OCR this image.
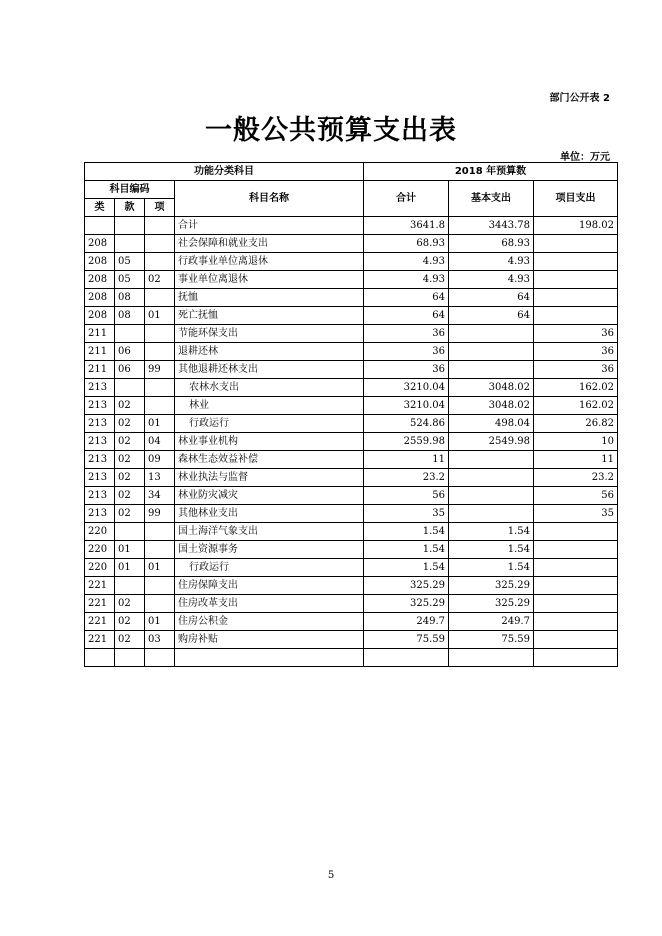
部门公开表 2
一般公共预算支出表
单位：万元
功能分类科目				2018 年预算数		
科目编码			科目名称	合计	基本支出	项目支出
类	款	项				
			合计	3641.8	3443.78	198.02
208			社会保障和就业支出	68.93	68.93	
208	05		行政事业单位离退休	4.93	4.93	
208	05	02	事业单位离退休	4.93	4.93	
208	08		抚恤	64	64	
208	08	01	死亡抚恤	64	64	
211			节能环保支出	36		36
211	06		退耕还林	36		36
211	06	99	其他退耕还林支出	36		36
213			农林水支出	3210.04	3048.02	162.02
213	02		林业	3210.04	3048.02	162.02
213	02	01	行政运行	524.86	498.04	26.82
213	02	04	林业事业机构	2559.98	2549.98	10
213	02	09	森林生态效益补偿	11		11
213	02	13	林业执法与监督	23.2		23.2
213	02	34	林业防灾减灾	56		56
213	02	99	其他林业支出	35		35
220			国土海洋气象支出	1.54	1.54	
220	01		国土资源事务	1.54	1.54	
220	01	01	行政运行	1.54	1.54	
221			住房保障支出	325.29	325.29	
221	02		住房改革支出	325.29	325.29	
221	02	01	住房公积金	249.7	249.7	
221	02	03	购房补贴	75.59	75.59	

5
